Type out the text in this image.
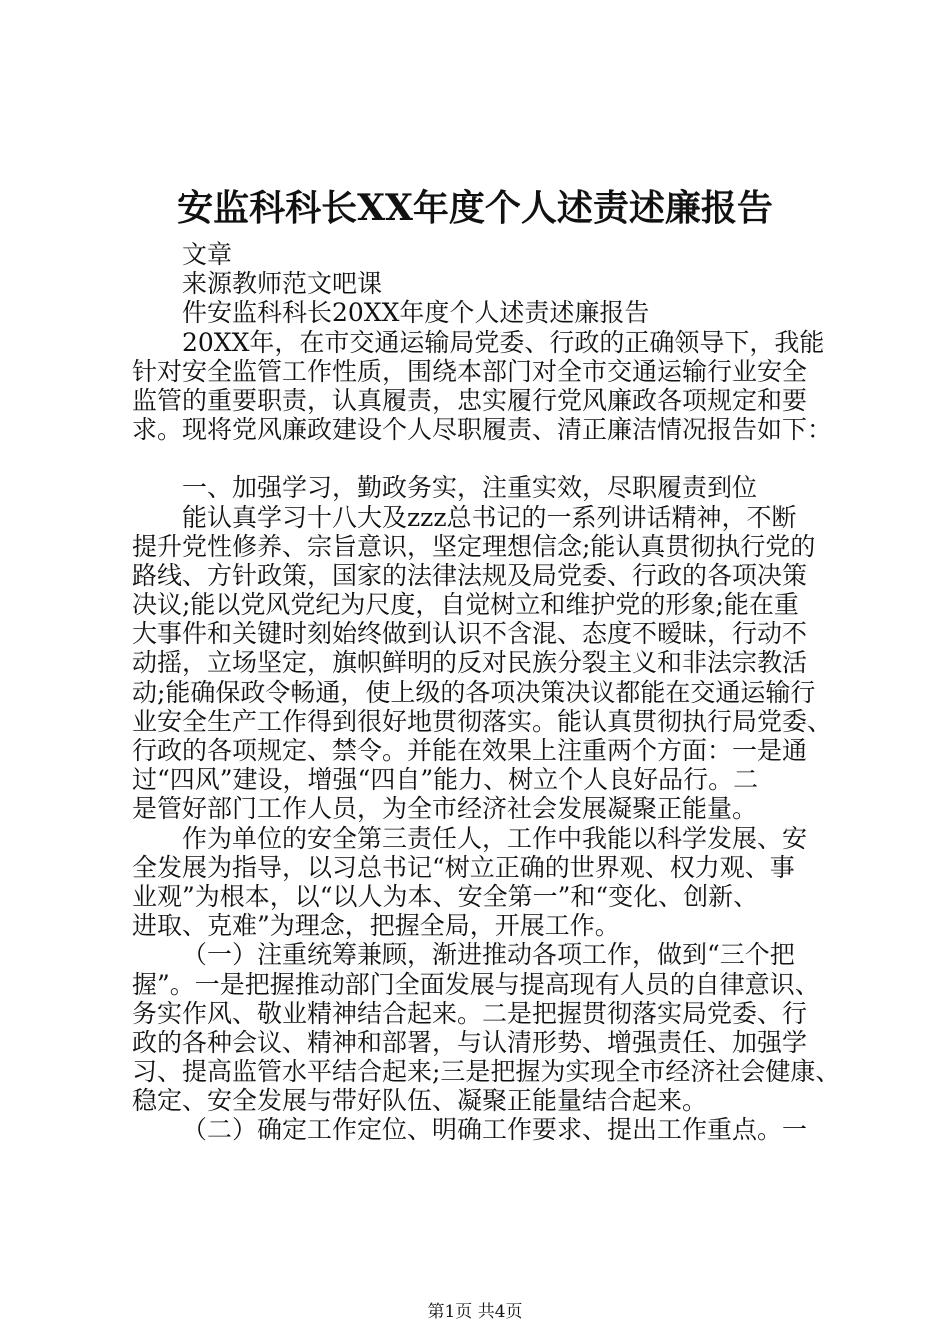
安监科科长XX年度个人述责述廉报告
文章
来源教师范文吧课
件安监科科长20XX年度个人述责述廉报告
20XX年，在市交通运输局党委、行政的正确领导下，我能
针对安全监管工作性质，围绕本部门对全市交通运输行业安全
监管的重要职责，认真履责，忠实履行党风廉政各项规定和要
求。现将党风廉政建设个人尽职履责、清正廉洁情况报告如下：
一、加强学习，勤政务实，注重实效，尽职履责到位
能认真学习十八大及zzz总书记的一系列讲话精神，不断
提升党性修养、宗旨意识，坚定理想信念;能认真贯彻执行党的
路线、方针政策，国家的法律法规及局党委、行政的各项决策
决议;能以党风党纪为尺度，自觉树立和维护党的形象;能在重
大事件和关键时刻始终做到认识不含混、态度不暧昧，行动不
动摇，立场坚定，旗帜鲜明的反对民族分裂主义和非法宗教活
动;能确保政令畅通，使上级的各项决策决议都能在交通运输行
业安全生产工作得到很好地贯彻落实。能认真贯彻执行局党委、
行政的各项规定、禁令。并能在效果上注重两个方面：一是通
过“四风”建设，增强“四自”能力、树立个人良好品行。二
是管好部门工作人员，为全市经济社会发展凝聚正能量。
作为单位的安全第三责任人，工作中我能以科学发展、安
全发展为指导，以习总书记“树立正确的世界观、权力观、事
业观”为根本，以“以人为本、安全第一”和“变化、创新、
进取、克难”为理念，把握全局，开展工作。
（一）注重统筹兼顾，渐进推动各项工作，做到“三个把
握”。一是把握推动部门全面发展与提高现有人员的自律意识、
务实作风、敬业精神结合起来。二是把握贯彻落实局党委、行
政的各种会议、精神和部署，与认清形势、增强责任、加强学
习、提高监管水平结合起来;三是把握为实现全市经济社会健康、
稳定、安全发展与带好队伍、凝聚正能量结合起来。
（二）确定工作定位、明确工作要求、提出工作重点。一
第1页 共4页
